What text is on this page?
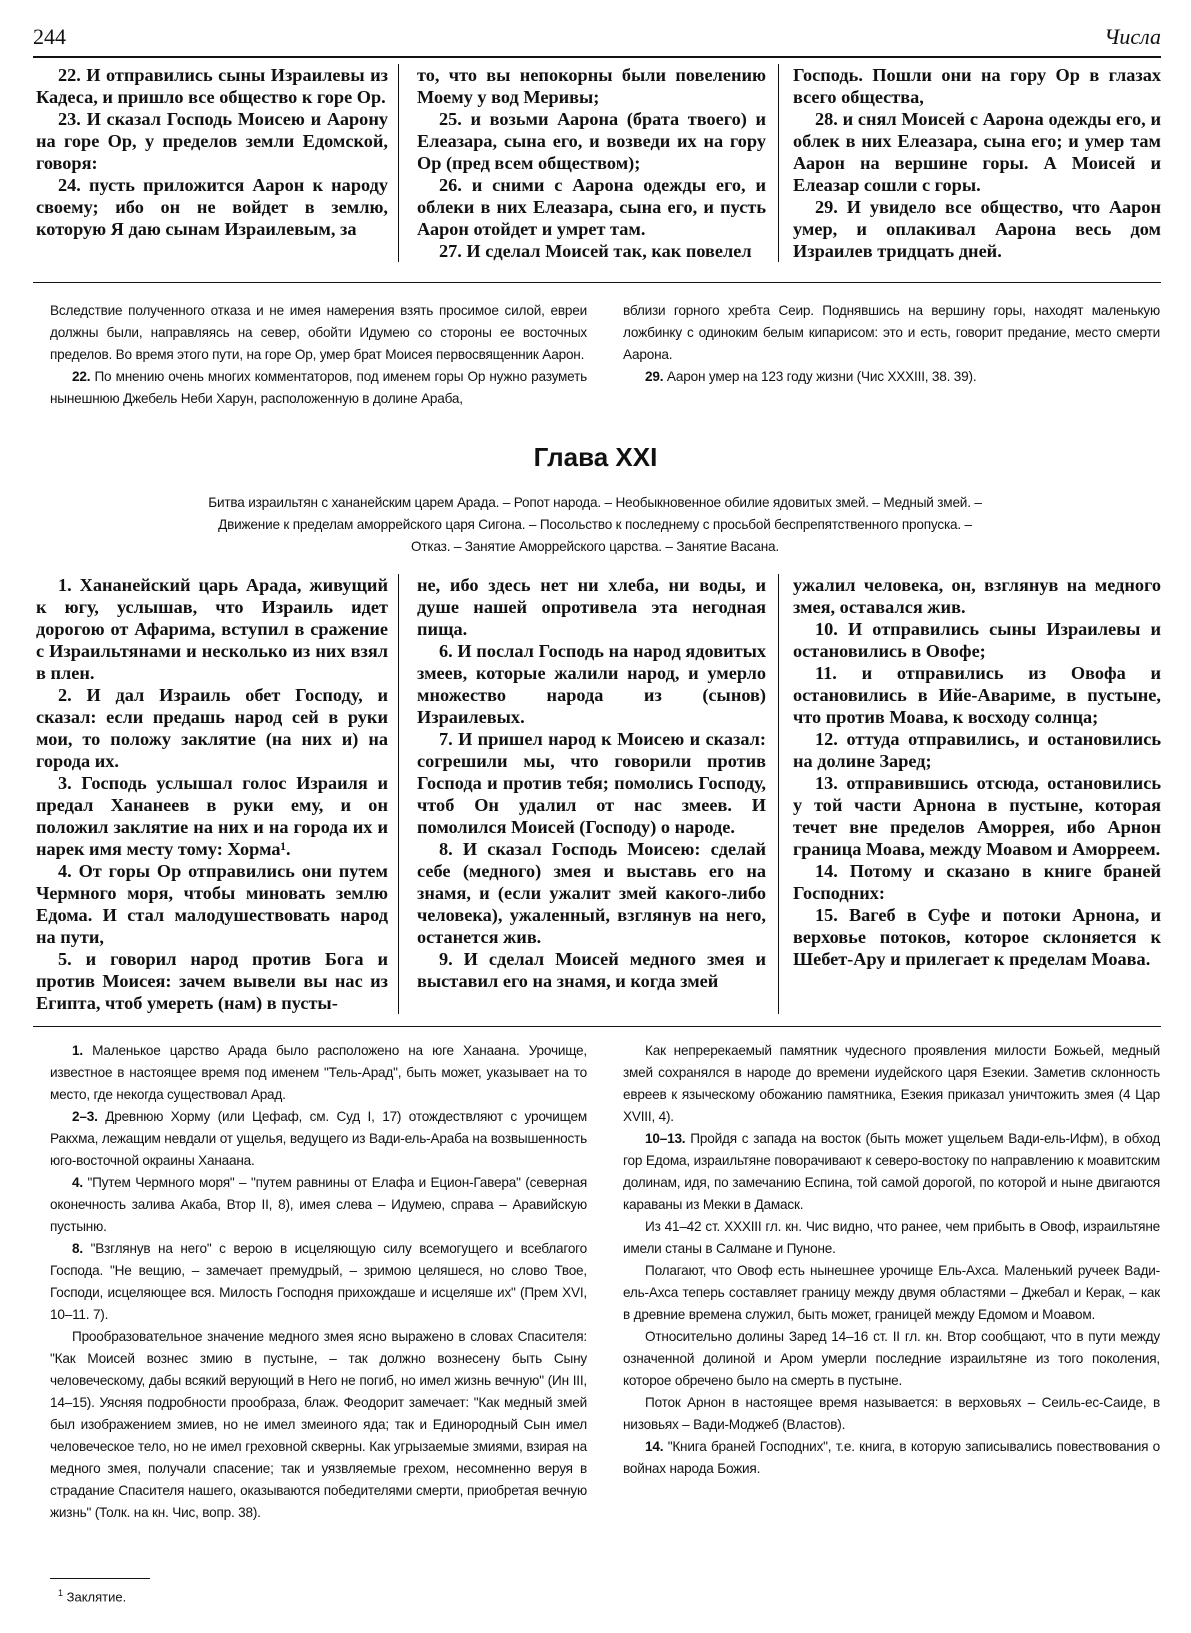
244	Числа

22. И отправились сыны Израилевы из Кадеса, и пришло все общество к горе Ор.

23. И сказал Господь Моисею и Аарону на горе Ор, у пределов земли Едомской, говоря:

24. пусть приложится Аарон к народу своему; ибо он не войдет в землю, которую Я даю сынам Израилевым, за

то, что вы непокорны были повелению Моему у вод Меривы;

25. и возьми Аарона (брата твоего) и Елеазара, сына его, и возведи их на гору Ор (пред всем обществом);

26. и сними с Аарона одежды его, и облеки в них Елеазара, сына его, и пусть Аарон отойдет и умрет там.

27. И сделал Моисей так, как повелел

Господь. Пошли они на гору Ор в глазах всего общества,

28. и снял Моисей с Аарона одежды его, и облек в них Елеазара, сына его; и умер там Аарон на вершине горы. А Моисей и Елеазар сошли с горы.

29. И увидело все общество, что Аарон умер, и оплакивал Аарона весь дом Израилев тридцать дней.

Вследствие полученного отказа и не имея намерения взять просимое силой, евреи должны были, направляясь на север, обойти Идумею со стороны ее восточных пределов. Во время этого пути, на горе Ор, умер брат Моисея первосвященник Аарон.

22. По мнению очень многих комментаторов, под именем горы Ор нужно разуметь нынешнюю Джебель Неби Харун, расположенную в долине Араба,

вблизи горного хребта Сеир. Поднявшись на вершину горы, находят маленькую ложбинку с одиноким белым кипарисом: это и есть, говорит предание, место смерти Аарона.

29. Аарон умер на 123 году жизни (Чис XXXIII, 38. 39).

Глава XXI
Битва израильтян с хананейским царем Арада. – Ропот народа. – Необыкновенное обилие ядовитых змей. – Медный змей. –
Движение к пределам аморрейского царя Сигона. – Посольство к последнему с просьбой беспрепятственного пропуска. –
Отказ. – Занятие Аморрейского царства. – Занятие Васана.

1. Хананейский царь Арада, живущий к югу, услышав, что Израиль идет дорогою от Афарима, вступил в сражение с Израильтянами и несколько из них взял в плен.

2. И дал Израиль обет Господу, и сказал: если предашь народ сей в руки мои, то положу заклятие (на них и) на города их.

3. Господь услышал голос Израиля и предал Хананеев в руки ему, и он положил заклятие на них и на города их и нарек имя месту тому: Хорма¹.

4. От горы Ор отправились они путем Чермного моря, чтобы миновать землю Едома. И стал малодушествовать народ на пути,

5. и говорил народ против Бога и против Моисея: зачем вывели вы нас из Египта, чтоб умереть (нам) в пусты-

не, ибо здесь нет ни хлеба, ни воды, и душе нашей опротивела эта негодная пища.

6. И послал Господь на народ ядовитых змеев, которые жалили народ, и умерло множество народа из (сынов) Израилевых.

7. И пришел народ к Моисею и сказал: согрешили мы, что говорили против Господа и против тебя; помолись Господу, чтоб Он удалил от нас змеев. И помолился Моисей (Господу) о народе.

8. И сказал Господь Моисею: сделай себе (медного) змея и выставь его на знамя, и (если ужалит змей какого-либо человека), ужаленный, взглянув на него, останется жив.

9. И сделал Моисей медного змея и выставил его на знамя, и когда змей

ужалил человека, он, взглянув на медного змея, оставался жив.

10. И отправились сыны Израилевы и остановились в Овофе;

11. и отправились из Овофа и остановились в Ийе-Авариме, в пустыне, что против Моава, к восходу солнца;

12. оттуда отправились, и остановились на долине Заред;

13. отправившись отсюда, остановились у той части Арнона в пустыне, которая течет вне пределов Аморрея, ибо Арнон граница Моава, между Моавом и Аморреем.

14. Потому и сказано в книге браней Господних:

15. Вагеб в Суфе и потоки Арнона, и верховье потоков, которое склоняется к Шебет-Ару и прилегает к пределам Моава.

1. Маленькое царство Арада было расположено на юге Ханаана. Урочище, известное в настоящее время под именем "Тель-Арад", быть может, указывает на то место, где некогда существовал Арад.

2–3. Древнюю Хорму (или Цефаф, см. Суд I, 17) отождествляют с урочищем Ракхма, лежащим невдали от ущелья, ведущего из Вади-ель-Араба на возвышенность юго-восточной окраины Ханаана.

4. "Путем Чермного моря" – "путем равнины от Елафа и Ецион-Гавера" (северная оконечность залива Акаба, Втор II, 8), имея слева – Идумею, справа – Аравийскую пустыню.

8. "Взглянув на него" с верою в исцеляющую силу всемогущего и всеблагого Господа. "Не вещию, – замечает премудрый, – зримою целяшеся, но слово Твое, Господи, исцеляющее вся. Милость Господня прихождаше и исцеляше их" (Прем XVI, 10–11. 7).

Прообразовательное значение медного змея ясно выражено в словах Спасителя: "Как Моисей вознес змию в пустыне, – так должно вознесену быть Сыну человеческому, дабы всякий верующий в Него не погиб, но имел жизнь вечную" (Ин III, 14–15). Уясняя подробности прообраза, блаж. Феодорит замечает: "Как медный змей был изображением змиев, но не имел змеиного яда; так и Единородный Сын имел человеческое тело, но не имел греховной скверны. Как угрызаемые змиями, взирая на медного змея, получали спасение; так и уязвляемые грехом, несомненно веруя в страдание Спасителя нашего, оказываются победителями смерти, приобретая вечную жизнь" (Толк. на кн. Чис, вопр. 38).

Как непререкаемый памятник чудесного проявления милости Божьей, медный змей сохранялся в народе до времени иудейского царя Езекии. Заметив склонность евреев к языческому обожанию памятника, Езекия приказал уничтожить змея (4 Цар XVIII, 4).

10–13. Пройдя с запада на восток (быть может ущельем Вади-ель-Ифм), в обход гор Едома, израильтяне поворачивают к северо-востоку по направлению к моавитским долинам, идя, по замечанию Еспина, той самой дорогой, по которой и ныне двигаются караваны из Мекки в Дамаск.

Из 41–42 ст. XXXIII гл. кн. Чис видно, что ранее, чем прибыть в Овоф, израильтяне имели станы в Салмане и Пуноне.

Полагают, что Овоф есть нынешнее урочище Ель-Ахса. Маленький ручеек Вади-ель-Ахса теперь составляет границу между двумя областями – Джебал и Керак, – как в древние времена служил, быть может, границей между Едомом и Моавом.

Относительно долины Заред 14–16 ст. II гл. кн. Втор сообщают, что в пути между означенной долиной и Аром умерли последние израильтяне из того поколения, которое обречено было на смерть в пустыне.

Поток Арнон в настоящее время называется: в верховьях – Сеиль-ес-Саиде, в низовьях – Вади-Моджеб (Властов).

14. "Книга браней Господних", т.е. книга, в которую записывались повествования о войнах народа Божия.

$^1$ Заклятие.
